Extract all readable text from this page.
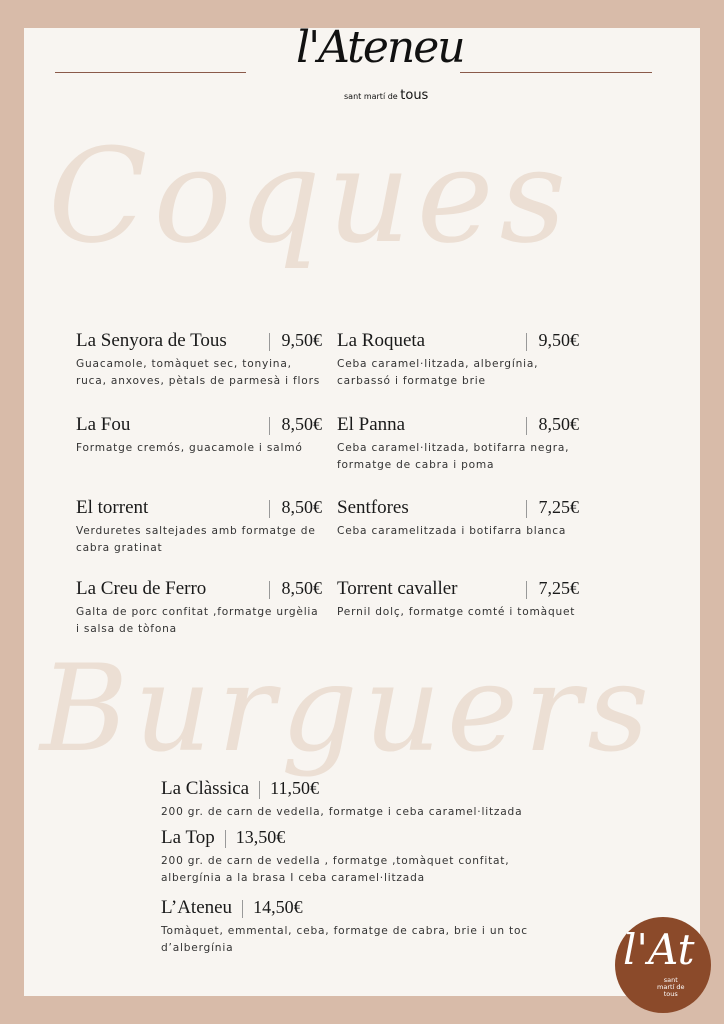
l'Ateneu
sant martí de tous
Coques
Burguers
l'At
sant
martí de
tous
La Senyora de Tous	9,50€
Guacamole, tomàquet sec, tonyina, ruca, anxoves, pètals de parmesà i flors
La Roqueta	9,50€
Ceba caramel·litzada, albergínia, carbassó i formatge brie
La Fou	8,50€
Formatge cremós, guacamole i salmó
El Panna	8,50€
Ceba caramel·litzada, botifarra negra, formatge de cabra i poma
El torrent	8,50€
Verduretes saltejades amb formatge de cabra gratinat
Sentfores	7,25€
Ceba caramelitzada i botifarra blanca
La Creu de Ferro	8,50€
Galta de porc confitat ,formatge urgèlia i salsa de tòfona
Torrent cavaller	7,25€
Pernil dolç, formatge comté i tomàquet
La Clàssica 11,50€
200 gr. de carn de vedella, formatge i ceba caramel·litzada
La Top 13,50€
200 gr. de carn de vedella , formatge ,tomàquet confitat, albergínia a la brasa I ceba caramel·litzada
L’Ateneu 14,50€
Tomàquet, emmental, ceba, formatge de cabra, brie i un toc d’albergínia
